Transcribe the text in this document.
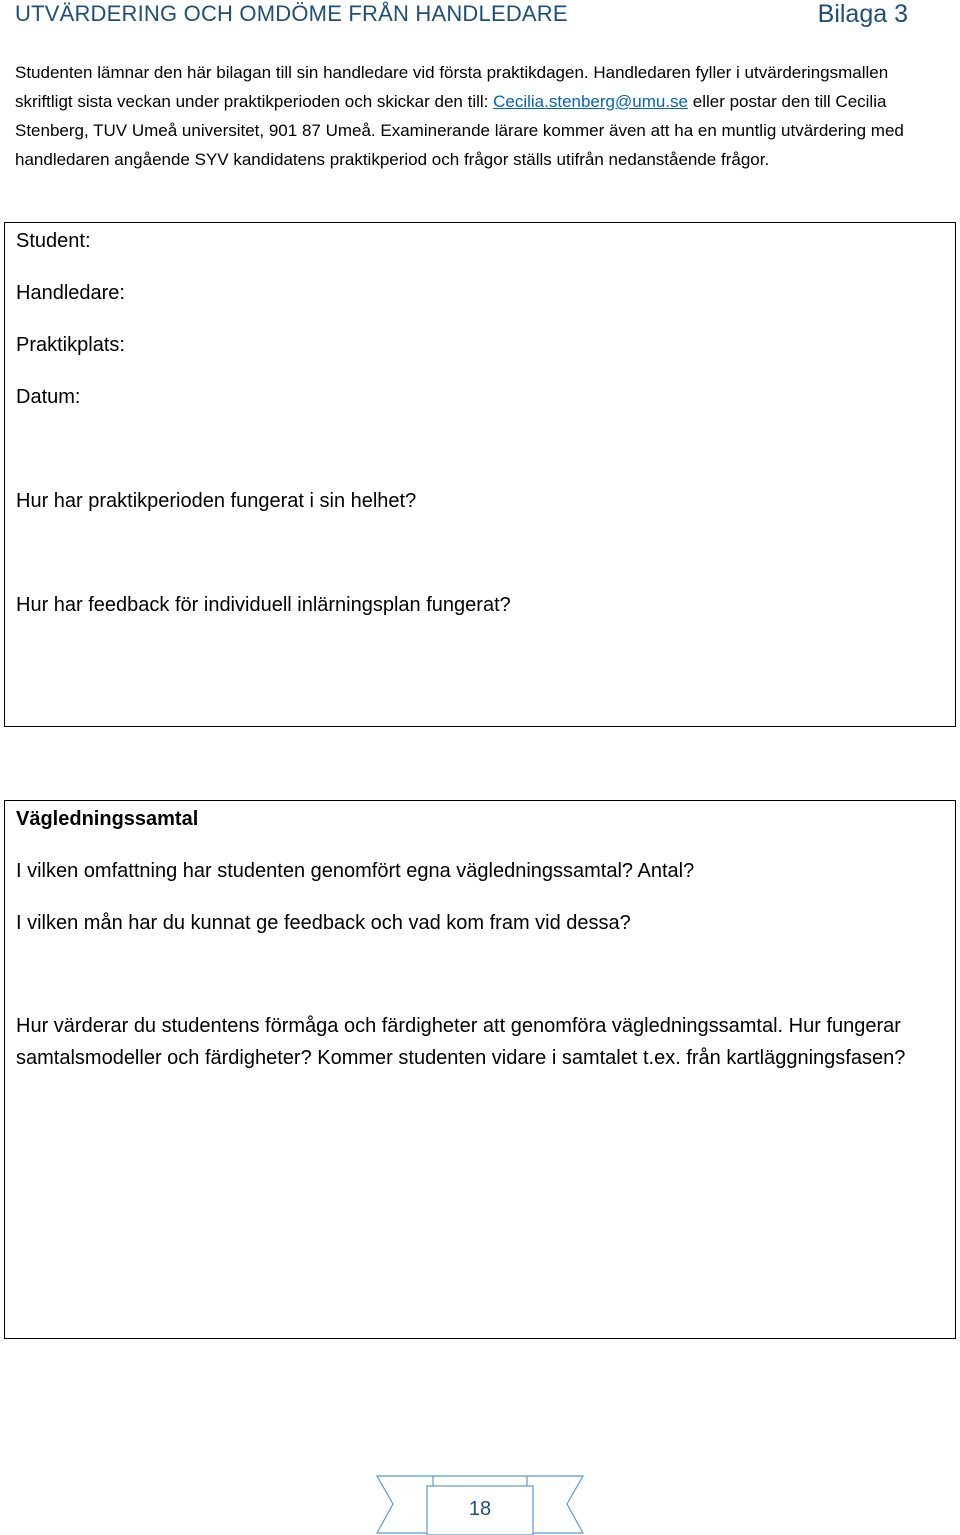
UTVÄRDERING OCH OMDÖME FRÅN HANDLEDARE	Bilaga 3
Studenten lämnar den här bilagan till sin handledare vid första praktikdagen. Handledaren fyller i utvärderingsmallen skriftligt sista veckan under praktikperioden och skickar den till: Cecilia.stenberg@umu.se eller postar den till Cecilia Stenberg, TUV Umeå universitet, 901 87 Umeå. Examinerande lärare kommer även att ha en muntlig utvärdering med handledaren angående SYV kandidatens praktikperiod och frågor ställs utifrån nedanstående frågor.
Student:
Handledare:
Praktikplats:
Datum:
Hur har praktikperioden fungerat i sin helhet?
Hur har feedback för individuell inlärningsplan fungerat?
Vägledningssamtal
I vilken omfattning har studenten genomfört egna vägledningssamtal? Antal?
I vilken mån har du kunnat ge feedback och vad kom fram vid dessa?
Hur värderar du studentens förmåga och färdigheter att genomföra vägledningssamtal. Hur fungerar samtalsmodeller och färdigheter? Kommer studenten vidare i samtalet t.ex. från kartläggningsfasen?
18
